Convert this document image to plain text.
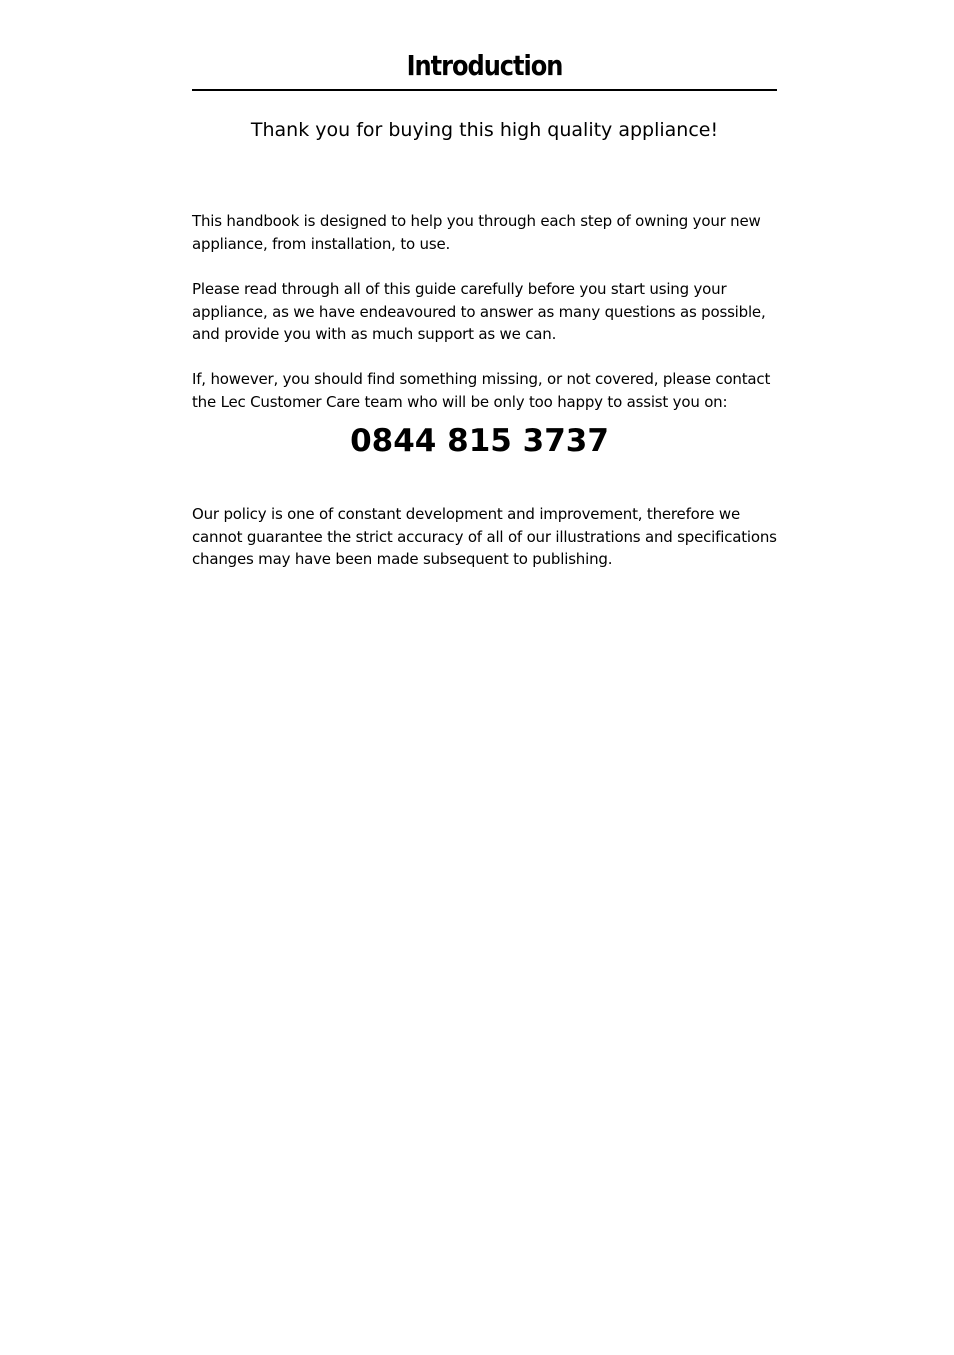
Introduction

Thank you for buying this high quality appliance!

This handbook is designed to help you through each step of owning your new appliance, from installation, to use.

Please read through all of this guide carefully before you start using your appliance, as we have endeavoured to answer as many questions as possible, and provide you with as much support as we can.

If, however, you should find something missing, or not covered, please contact the Lec Customer Care team who will be only too happy to assist you on:

0844 815 3737

Our policy is one of constant development and improvement, therefore we cannot guarantee the strict accuracy of all of our illustrations and specifications changes may have been made subsequent to publishing.
